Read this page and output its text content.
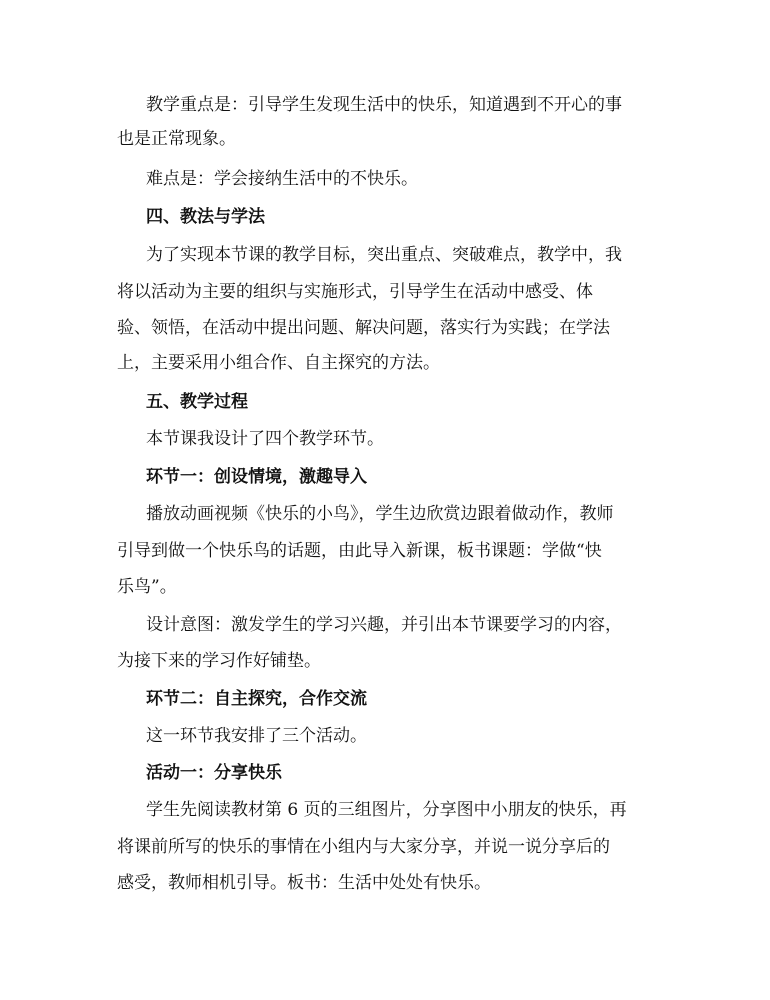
教学重点是：引导学生发现生活中的快乐，知道遇到不开心的事
也是正常现象。
难点是：学会接纳生活中的不快乐。
四、教法与学法
为了实现本节课的教学目标，突出重点、突破难点，教学中，我
将以活动为主要的组织与实施形式，引导学生在活动中感受、体
验、领悟，在活动中提出问题、解决问题，落实行为实践；在学法
上，主要采用小组合作、自主探究的方法。
五、教学过程
本节课我设计了四个教学环节。
环节一：创设情境，激趣导入
播放动画视频《快乐的小鸟》，学生边欣赏边跟着做动作，教师
引导到做一个快乐鸟的话题，由此导入新课，板书课题：学做“快
乐鸟”。
设计意图：激发学生的学习兴趣，并引出本节课要学习的内容，
为接下来的学习作好铺垫。
环节二：自主探究，合作交流
这一环节我安排了三个活动。
活动一：分享快乐
学生先阅读教材第 6 页的三组图片，分享图中小朋友的快乐，再
将课前所写的快乐的事情在小组内与大家分享，并说一说分享后的
感受，教师相机引导。板书：生活中处处有快乐。
